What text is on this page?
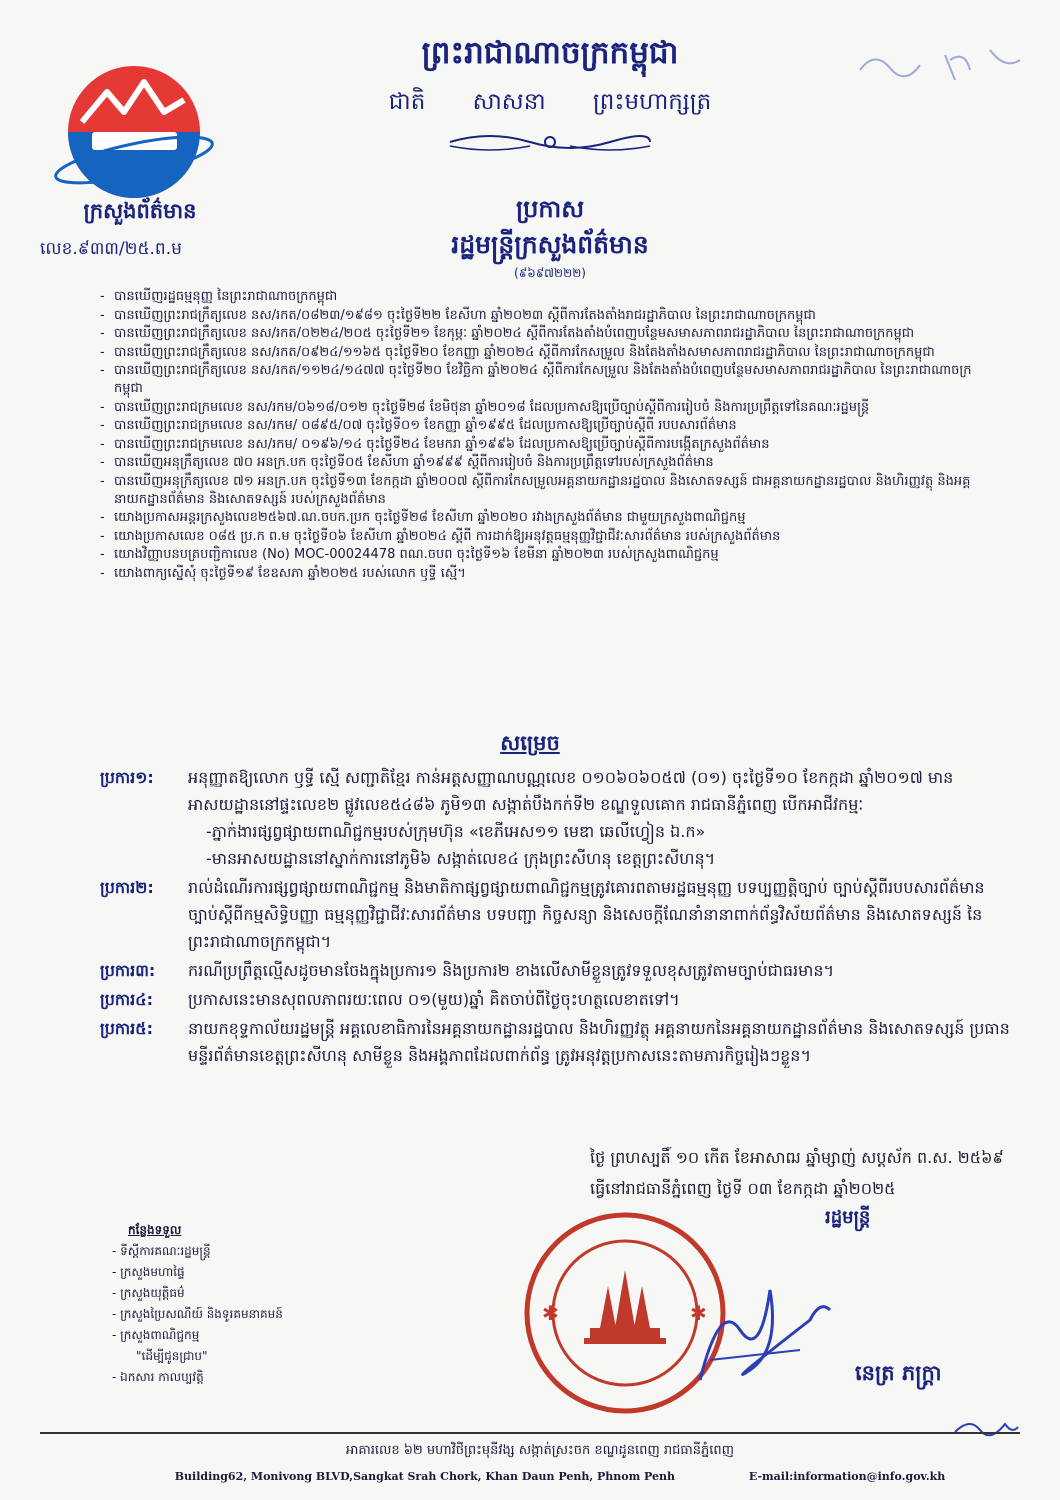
ក្រសួងព័ត៌មាន
លេខ.៩៣៣/២៥.ព.ម
ព្រះរាជាណាចក្រកម្ពុជា
ជាតិ សាសនា ព្រះមហាក្សត្រ
ប្រកាស
រដ្ឋមន្ត្រីក្រសួងព័ត៌មាន
(៩៦៩៧២២២)
- បានឃើញរដ្ឋធម្មនុញ្ញ នៃព្រះរាជាណាចក្រកម្ពុជា
- បានឃើញព្រះរាជក្រឹត្យលេខ នស/រកត/០៨២៣/១៩៨១ ចុះថ្ងៃទី២២ ខែសីហា ឆ្នាំ២០២៣ ស្តីពីការតែងតាំងរាជរដ្ឋាភិបាល នៃព្រះរាជាណាចក្រកម្ពុជា
- បានឃើញព្រះរាជក្រឹត្យលេខ នស/រកត/០២២៤/២០៥ ចុះថ្ងៃទី២១ ខែកុម្ភៈ ឆ្នាំ២០២៤ ស្តីពីការតែងតាំងបំពេញបន្ថែមសមាសភាពរាជរដ្ឋាភិបាល នៃព្រះរាជាណាចក្រកម្ពុជា
- បានឃើញព្រះរាជក្រឹត្យលេខ នស/រកត/០៩២៤/១១៦៥ ចុះថ្ងៃទី២០ ខែកញ្ញា ឆ្នាំ២០២៤ ស្តីពីការកែសម្រួល និងតែងតាំងសមាសភាពរាជរដ្ឋាភិបាល នៃព្រះរាជាណាចក្រកម្ពុជា
- បានឃើញព្រះរាជក្រឹត្យលេខ នស/រកត/១១២៤/១៤៧៧ ចុះថ្ងៃទី២០ ខែវិច្ឆិកា ឆ្នាំ២០២៤ ស្តីពីការកែសម្រួល និងតែងតាំងបំពេញបន្ថែមសមាសភាពរាជរដ្ឋាភិបាល នៃព្រះរាជាណាចក្រកម្ពុជា
- បានឃើញព្រះរាជក្រមលេខ នស/រកម/០៦១៨/០១២ ចុះថ្ងៃទី២៨ ខែមិថុនា ឆ្នាំ២០១៨ ដែលប្រកាសឱ្យប្រើច្បាប់ស្តីពីការរៀបចំ និងការប្រព្រឹត្តទៅនៃគណៈរដ្ឋមន្ត្រី
- បានឃើញព្រះរាជក្រមលេខ នស/រកម/ ០៨៩៥/០៧ ចុះថ្ងៃទី០១ ខែកញ្ញា ឆ្នាំ១៩៩៥ ដែលប្រកាសឱ្យប្រើច្បាប់ស្តីពី របបសារព័ត៌មាន
- បានឃើញព្រះរាជក្រមលេខ នស/រកម/ ០១៩៦/១៤ ចុះថ្ងៃទី២៤ ខែមករា ឆ្នាំ១៩៩៦ ដែលប្រកាសឱ្យប្រើច្បាប់ស្តីពីការបង្កើតក្រសួងព័ត៌មាន
- បានឃើញអនុក្រឹត្យលេខ ៧០ អនក្រ.បក ចុះថ្ងៃទី០៥ ខែសីហា ឆ្នាំ១៩៩៩ ស្តីពីការរៀបចំ និងការប្រព្រឹត្តទៅរបស់ក្រសួងព័ត៌មាន
- បានឃើញអនុក្រឹត្យលេខ ៧១ អនក្រ.បក ចុះថ្ងៃទី១៣ ខែកក្កដា ឆ្នាំ២០០៧ ស្តីពីការកែសម្រួលអគ្គនាយកដ្ឋានរដ្ឋបាល និងសោតទស្សន៍ ជាអគ្គនាយកដ្ឋានរដ្ឋបាល និងហិរញ្ញវត្ថុ និងអគ្គនាយកដ្ឋានព័ត៌មាន និងសោតទស្សន៍ របស់ក្រសួងព័ត៌មាន
- យោងប្រកាសអន្តរក្រសួងលេខ២៥៦៧.ណ.ចបក.ប្រក ចុះថ្ងៃទី២៨ ខែសីហា ឆ្នាំ២០២០ រវាងក្រសួងព័ត៌មាន ជាមួយក្រសួងពាណិជ្ជកម្ម
- យោងប្រកាសលេខ ០៨៥ ប្រ.ក ព.ម ចុះថ្ងៃទី០៦ ខែសីហា ឆ្នាំ២០២៤ ស្តីពី ការដាក់ឱ្យអនុវត្តធម្មនុញ្ញវិជ្ជាជីវៈសារព័ត៌មាន របស់ក្រសួងព័ត៌មាន
- យោងវិញ្ញាបនបត្របញ្ជិកាលេខ (No) MOC-00024478 ពណ.ចបព ចុះថ្ងៃទី១៦ ខែមីនា ឆ្នាំ២០២៣ របស់ក្រសួងពាណិជ្ជកម្ម
- យោងពាក្យស្នើសុំ ចុះថ្ងៃទី១៩ ខែឧសភា ឆ្នាំ២០២៥ របស់លោក ឫទ្ធី ស្មើ។
សម្រេច
ប្រការ១: អនុញ្ញាតឱ្យលោក ឫទ្ធី ស្មើ សញ្ជាតិខ្មែរ កាន់អត្តសញ្ញាណបណ្ណលេខ ០១០៦០៦០៥៧ (០១) ចុះថ្ងៃទី១០ ខែកក្កដា ឆ្នាំ២០១៧ មានអាសយដ្ឋាននៅផ្ទះលេខ២ ផ្លូវលេខ៥៤៨៦ ភូមិ១៣ សង្កាត់បឹងកក់ទី២ ខណ្ឌទួលគោក រាជធានីភ្នំពេញ បើកអាជីវកម្មៈ
-ភ្នាក់ងារផ្សព្វផ្សាយពាណិជ្ជកម្មរបស់ក្រុមហ៊ុន «ខេភីអេស១១ មេឌា ឆេលីហ្វៀន ឯ.ក»
-មានអាសយដ្ឋាននៅស្នាក់ការនៅភូមិ៦ សង្កាត់លេខ៤ ក្រុងព្រះសីហនុ ខេត្តព្រះសីហនុ។
ប្រការ២: រាល់ដំណើរការផ្សព្វផ្សាយពាណិជ្ជកម្ម និងមាតិកាផ្សព្វផ្សាយពាណិជ្ជកម្មត្រូវគោរពតាមរដ្ឋធម្មនុញ្ញ បទប្បញ្ញត្តិច្បាប់ ច្បាប់ស្តីពីរបបសារព័ត៌មាន ច្បាប់ស្តីពីកម្មសិទ្ធិបញ្ញា ធម្មនុញ្ញវិជ្ជាជីវៈសារព័ត៌មាន បទបញ្ជា កិច្ចសន្យា និងសេចក្តីណែនាំនានាពាក់ព័ន្ធវិស័យព័ត៌មាន និងសោតទស្សន៍ នៃព្រះរាជាណាចក្រកម្ពុជា។
ប្រការ៣: ករណីប្រព្រឹត្តល្មើសដូចមានចែងក្នុងប្រការ១ និងប្រការ២ ខាងលើសាមីខ្លួនត្រូវទទួលខុសត្រូវតាមច្បាប់ជាធរមាន។
ប្រការ៤: ប្រកាសនេះមានសុពលភាពរយៈពេល ០១(មួយ)ឆ្នាំ គិតចាប់ពីថ្ងៃចុះហត្ថលេខាតទៅ។
ប្រការ៥: នាយកខុទ្ទកាល័យរដ្ឋមន្ត្រី អគ្គលេខាធិការនៃអគ្គនាយកដ្ឋានរដ្ឋបាល និងហិរញ្ញវត្ថុ អគ្គនាយកនៃអគ្គនាយកដ្ឋានព័ត៌មាន និងសោតទស្សន៍ ប្រធានមន្ទីរព័ត៌មានខេត្តព្រះសីហនុ សាមីខ្លួន និងអង្គភាពដែលពាក់ព័ន្ធ ត្រូវអនុវត្តប្រកាសនេះតាមភារកិច្ចរៀងៗខ្លួន។
ថ្ងៃ ព្រហស្បតិ៍ ១០ កើត ខែអាសាឍ ឆ្នាំម្សាញ់ សប្តស័ក ព.ស. ២៥៦៩
ធ្វើនៅរាជធានីភ្នំពេញ ថ្ងៃទី ០៣ ខែកក្កដា ឆ្នាំ២០២៥
រដ្ឋមន្ត្រី
✱	✱
នេត្រ ភក្ត្រា
កន្លែងទទួល
- ទីស្តីការគណៈរដ្ឋមន្ត្រី
- ក្រសួងមហាផ្ទៃ
- ក្រសួងយុត្តិធម៌
- ក្រសួងប្រៃសណីយ៍ និងទូរគមនាគមន៍
- ក្រសួងពាណិជ្ជកម្ម
"ដើម្បីជូនជ្រាប"
- ឯកសារ កាលប្បវត្តិ
អាគារលេខ ៦២ មហាវិថីព្រះមុនីវង្ស សង្កាត់ស្រះចក ខណ្ឌដូនពេញ រាជធានីភ្នំពេញ
Building62, Monivong BLVD,Sangkat Srah Chork, Khan Daun Penh, Phnom Penh	E-mail:information@info.gov.kh
